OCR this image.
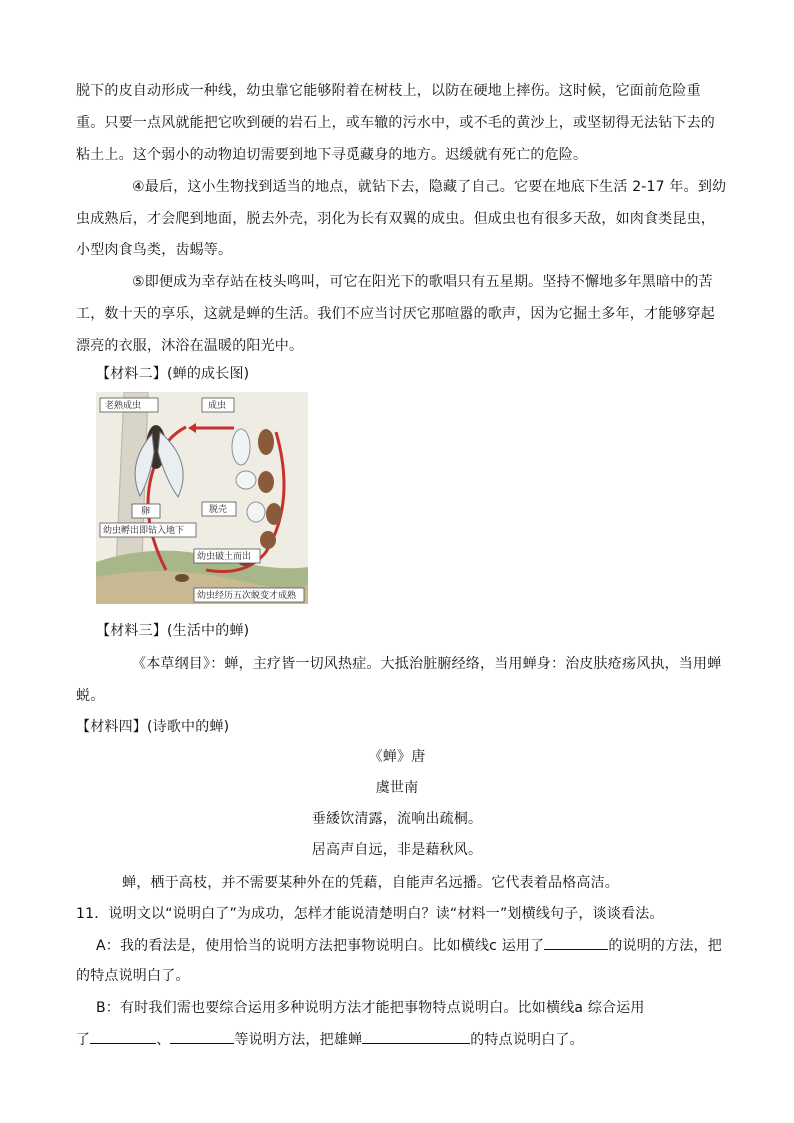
脱下的皮自动形成一种线，幼虫靠它能够附着在树枝上，以防在硬地上摔伤。这时候，它面前危险重
重。只要一点风就能把它吹到硬的岩石上，或车辙的污水中，或不毛的黄沙上，或坚韧得无法钻下去的
粘土上。这个弱小的动物迫切需要到地下寻觅藏身的地方。迟缓就有死亡的危险。
④最后，这小生物找到适当的地点，就钻下去，隐藏了自己。它要在地底下生活 2-17 年。到幼
虫成熟后，才会爬到地面，脱去外壳，羽化为长有双翼的成虫。但成虫也有很多天敌，如肉食类昆虫，
小型肉食鸟类，齿蜴等。
⑤即便成为幸存站在枝头鸣叫，可它在阳光下的歌唱只有五星期。坚持不懈地多年黑暗中的苦
工，数十天的享乐，这就是蝉的生活。我们不应当讨厌它那喧嚣的歌声，因为它掘土多年，才能够穿起
漂亮的衣服，沐浴在温暖的阳光中。
【材料二】(蝉的成长图)
老熟成虫	成虫
卵	脱壳
幼虫孵出即钻入地下
幼虫破土而出
幼虫经历五次蜕变才成熟
【材料三】(生活中的蝉)
《本草纲目》：蝉，主疗皆一切风热症。大抵治脏腑经络，当用蝉身：治皮肤疮疡风执，当用蝉
蜕。
【材料四】(诗歌中的蝉)
《蝉》唐
虞世南
垂緌饮清露，流响出疏桐。
居高声自远，非是藉秋风。
蝉，栖于高枝，并不需要某种外在的凭藉，自能声名远播。它代表着品格高洁。
11．说明文以“说明白了”为成功，怎样才能说清楚明白？读“材料一”划横线句子，谈谈看法。
A：我的看法是，使用恰当的说明方法把事物说明白。比如横线c 运用了	的说明的方法，把
的特点说明白了。
B：有时我们需也要综合运用多种说明方法才能把事物特点说明白。比如横线a 综合运用
了	、	等说明方法，把雄蝉	的特点说明白了。
